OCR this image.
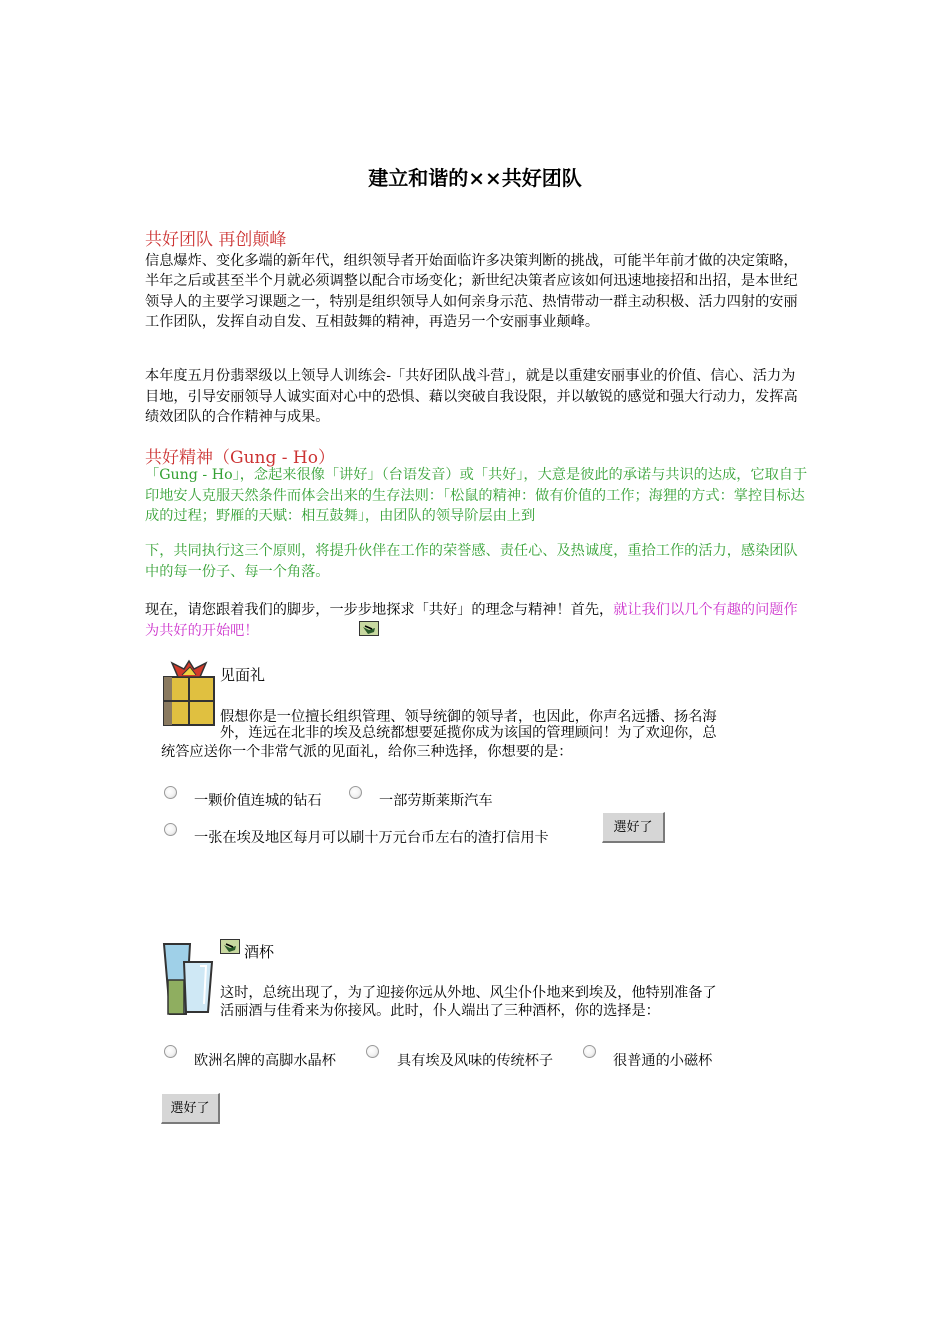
建立和谐的××共好团队
共好团队 再创颠峰
信息爆炸、变化多端的新年代，组织领导者开始面临许多决策判断的挑战，可能半年前才做的决定策略，半年之后或甚至半个月就必须调整以配合市场变化；新世纪决策者应该如何迅速地接招和出招，是本世纪领导人的主要学习课题之一，特别是组织领导人如何亲身示范、热情带动一群主动积极、活力四射的安丽工作团队，发挥自动自发、互相鼓舞的精神，再造另一个安丽事业颠峰。
本年度五月份翡翠级以上领导人训练会-「共好团队战斗营」，就是以重建安丽事业的价值、信心、活力为目地，引导安丽领导人诚实面对心中的恐惧、藉以突破自我设限，并以敏锐的感觉和强大行动力，发挥高绩效团队的合作精神与成果。
共好精神（Gung - Ho）
「Gung - Ho」，念起来很像「讲好」（台语发音）或「共好」，大意是彼此的承诺与共识的达成，它取自于印地安人克服天然条件而体会出来的生存法则：「松鼠的精神：做有价值的工作；海狸的方式：掌控目标达成的过程；野雁的天赋：相互鼓舞」，由团队的领导阶层由上到
下，共同执行这三个原则，将提升伙伴在工作的荣誉感、责任心、及热诚度，重拾工作的活力，感染团队中的每一份子、每一个角落。
现在，请您跟着我们的脚步，一步步地探求「共好」的理念与精神！首先，就让我们以几个有趣的问题作为共好的开始吧！
见面礼
假想你是一位擅长组织管理、领导统御的领导者，也因此，你声名远播、扬名海
外，连远在北非的埃及总统都想要延揽你成为该国的管理顾问！为了欢迎你，总
统答应送你一个非常气派的见面礼，给你三种选择，你想要的是：
一颗价值连城的钻石	一部劳斯莱斯汽车
一张在埃及地区每月可以刷十万元台币左右的渣打信用卡
選好了
酒杯
这时，总统出现了，为了迎接你远从外地、风尘仆仆地来到埃及，他特别准备了
活丽酒与佳肴来为你接风。此时，仆人端出了三种酒杯，你的选择是：
欧洲名牌的高脚水晶杯	具有埃及风味的传统杯子	很普通的小磁杯
選好了
